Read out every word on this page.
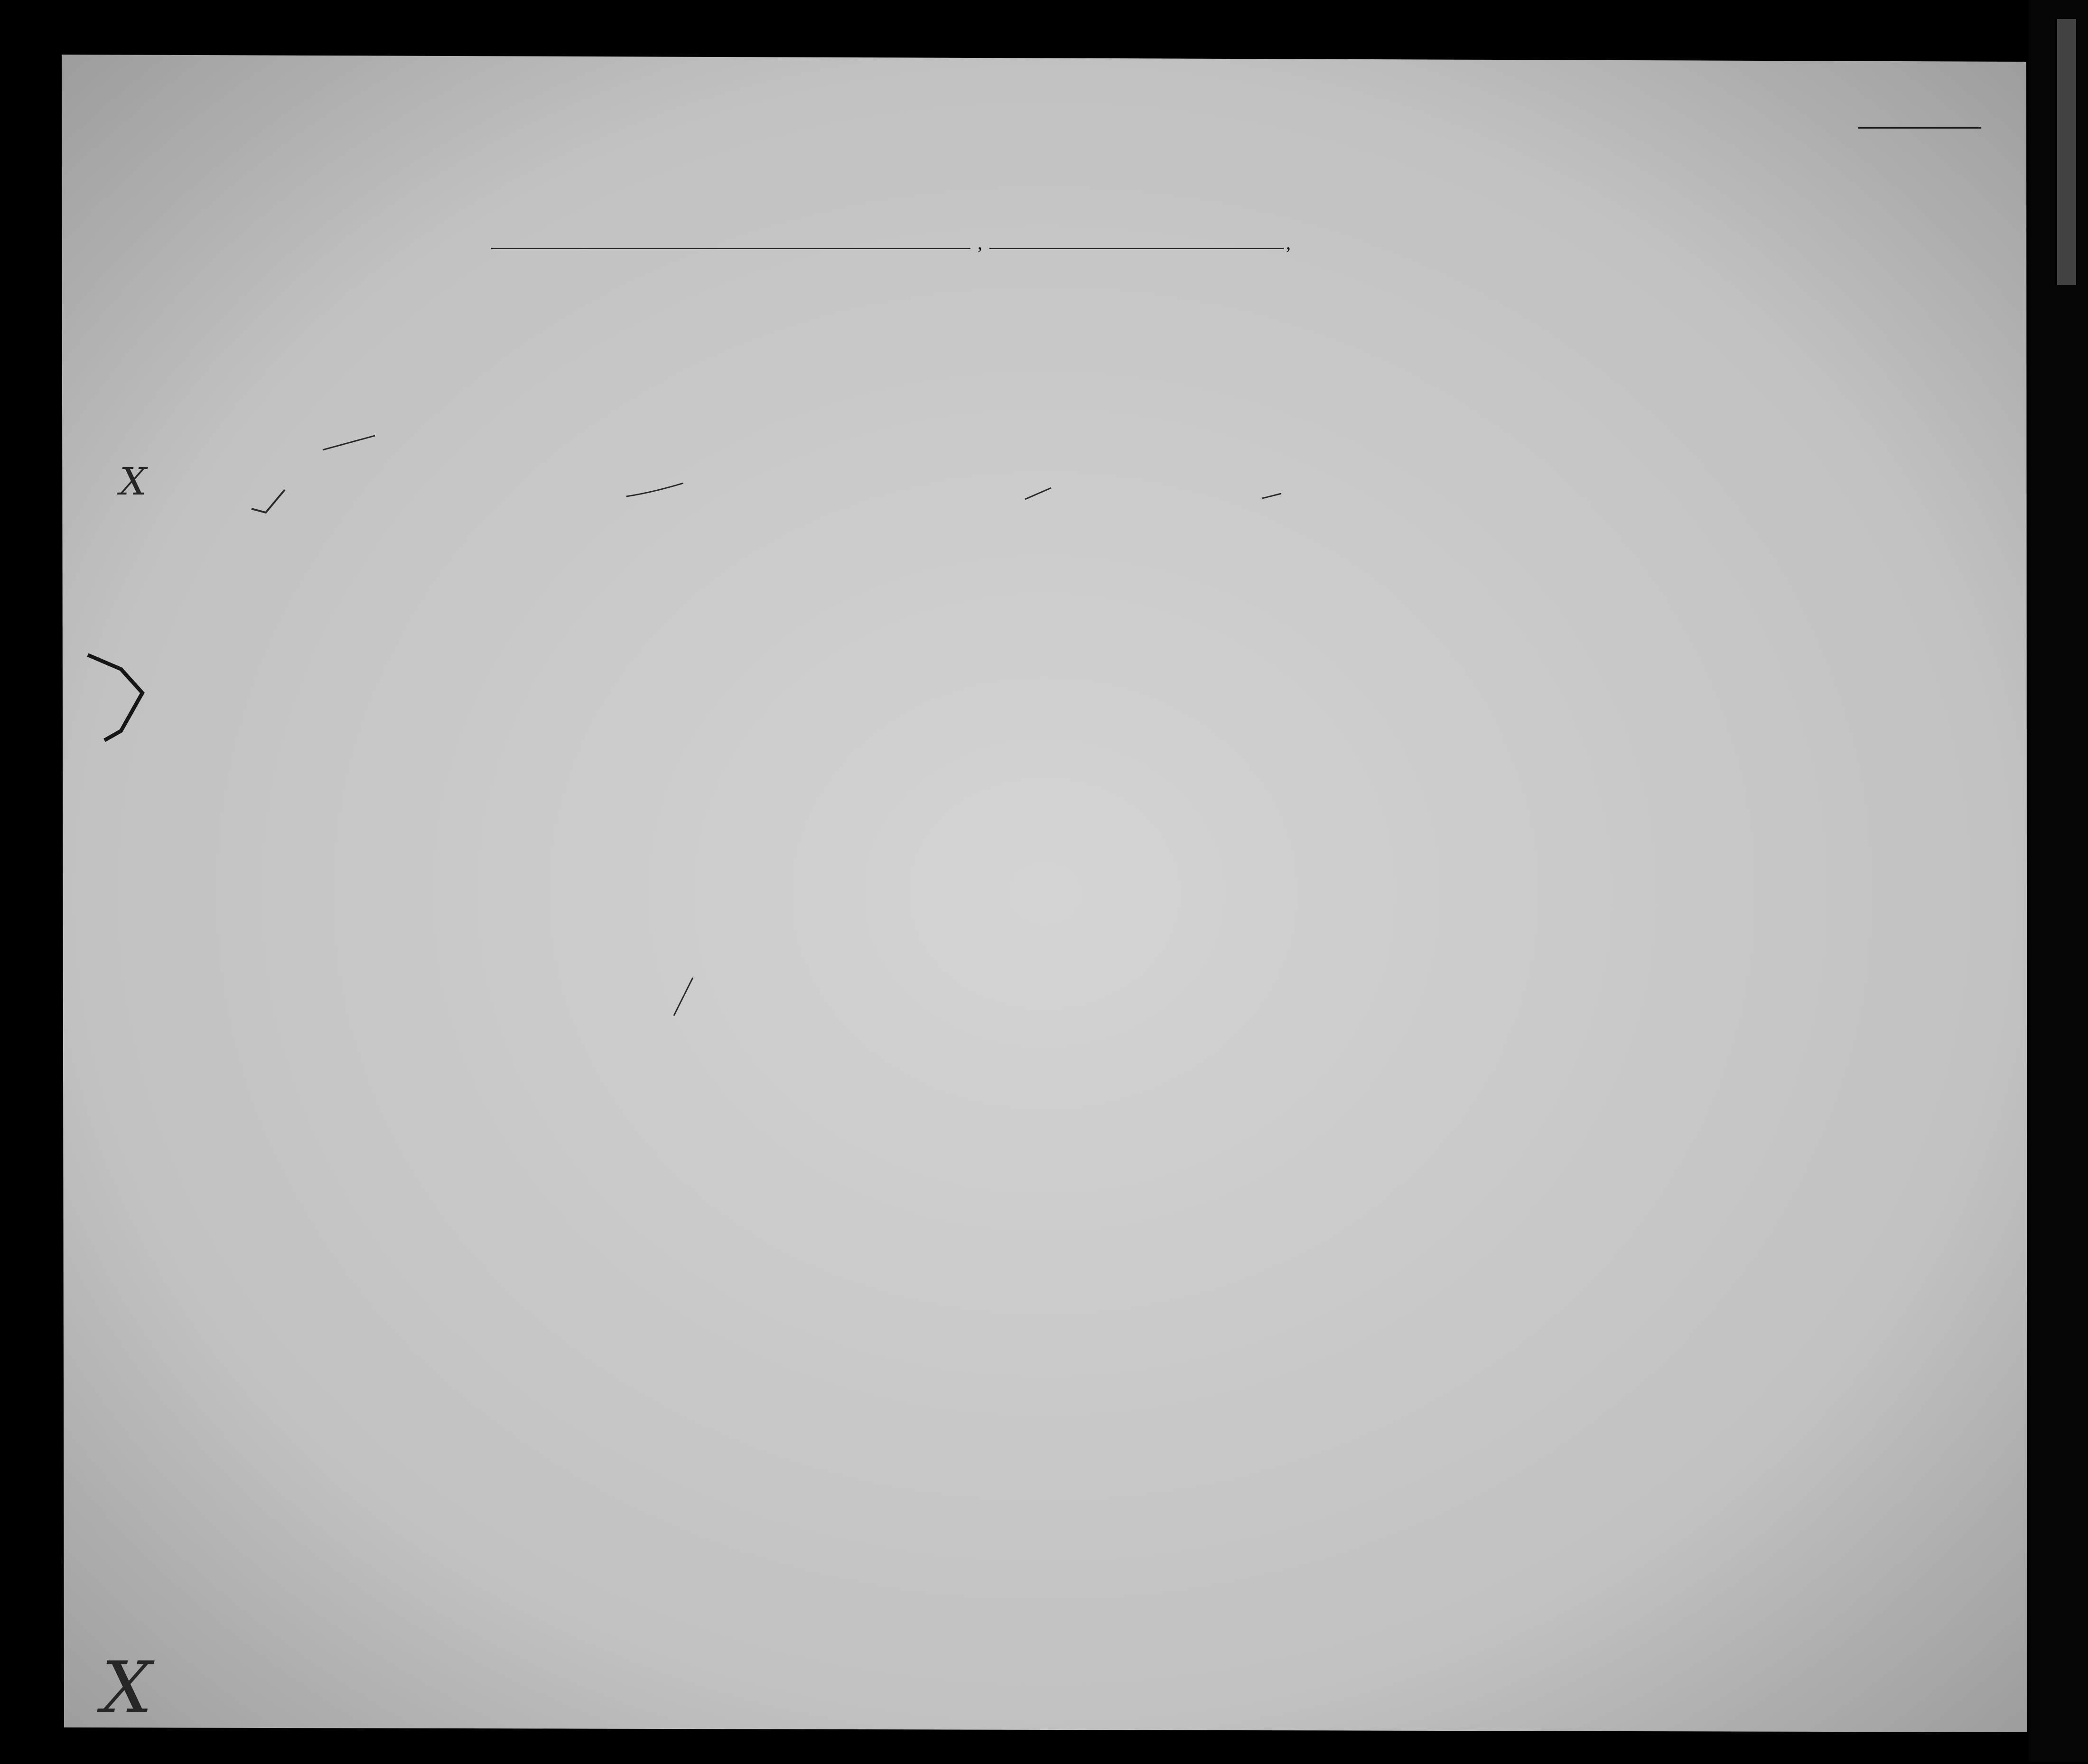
X
X
,	,
